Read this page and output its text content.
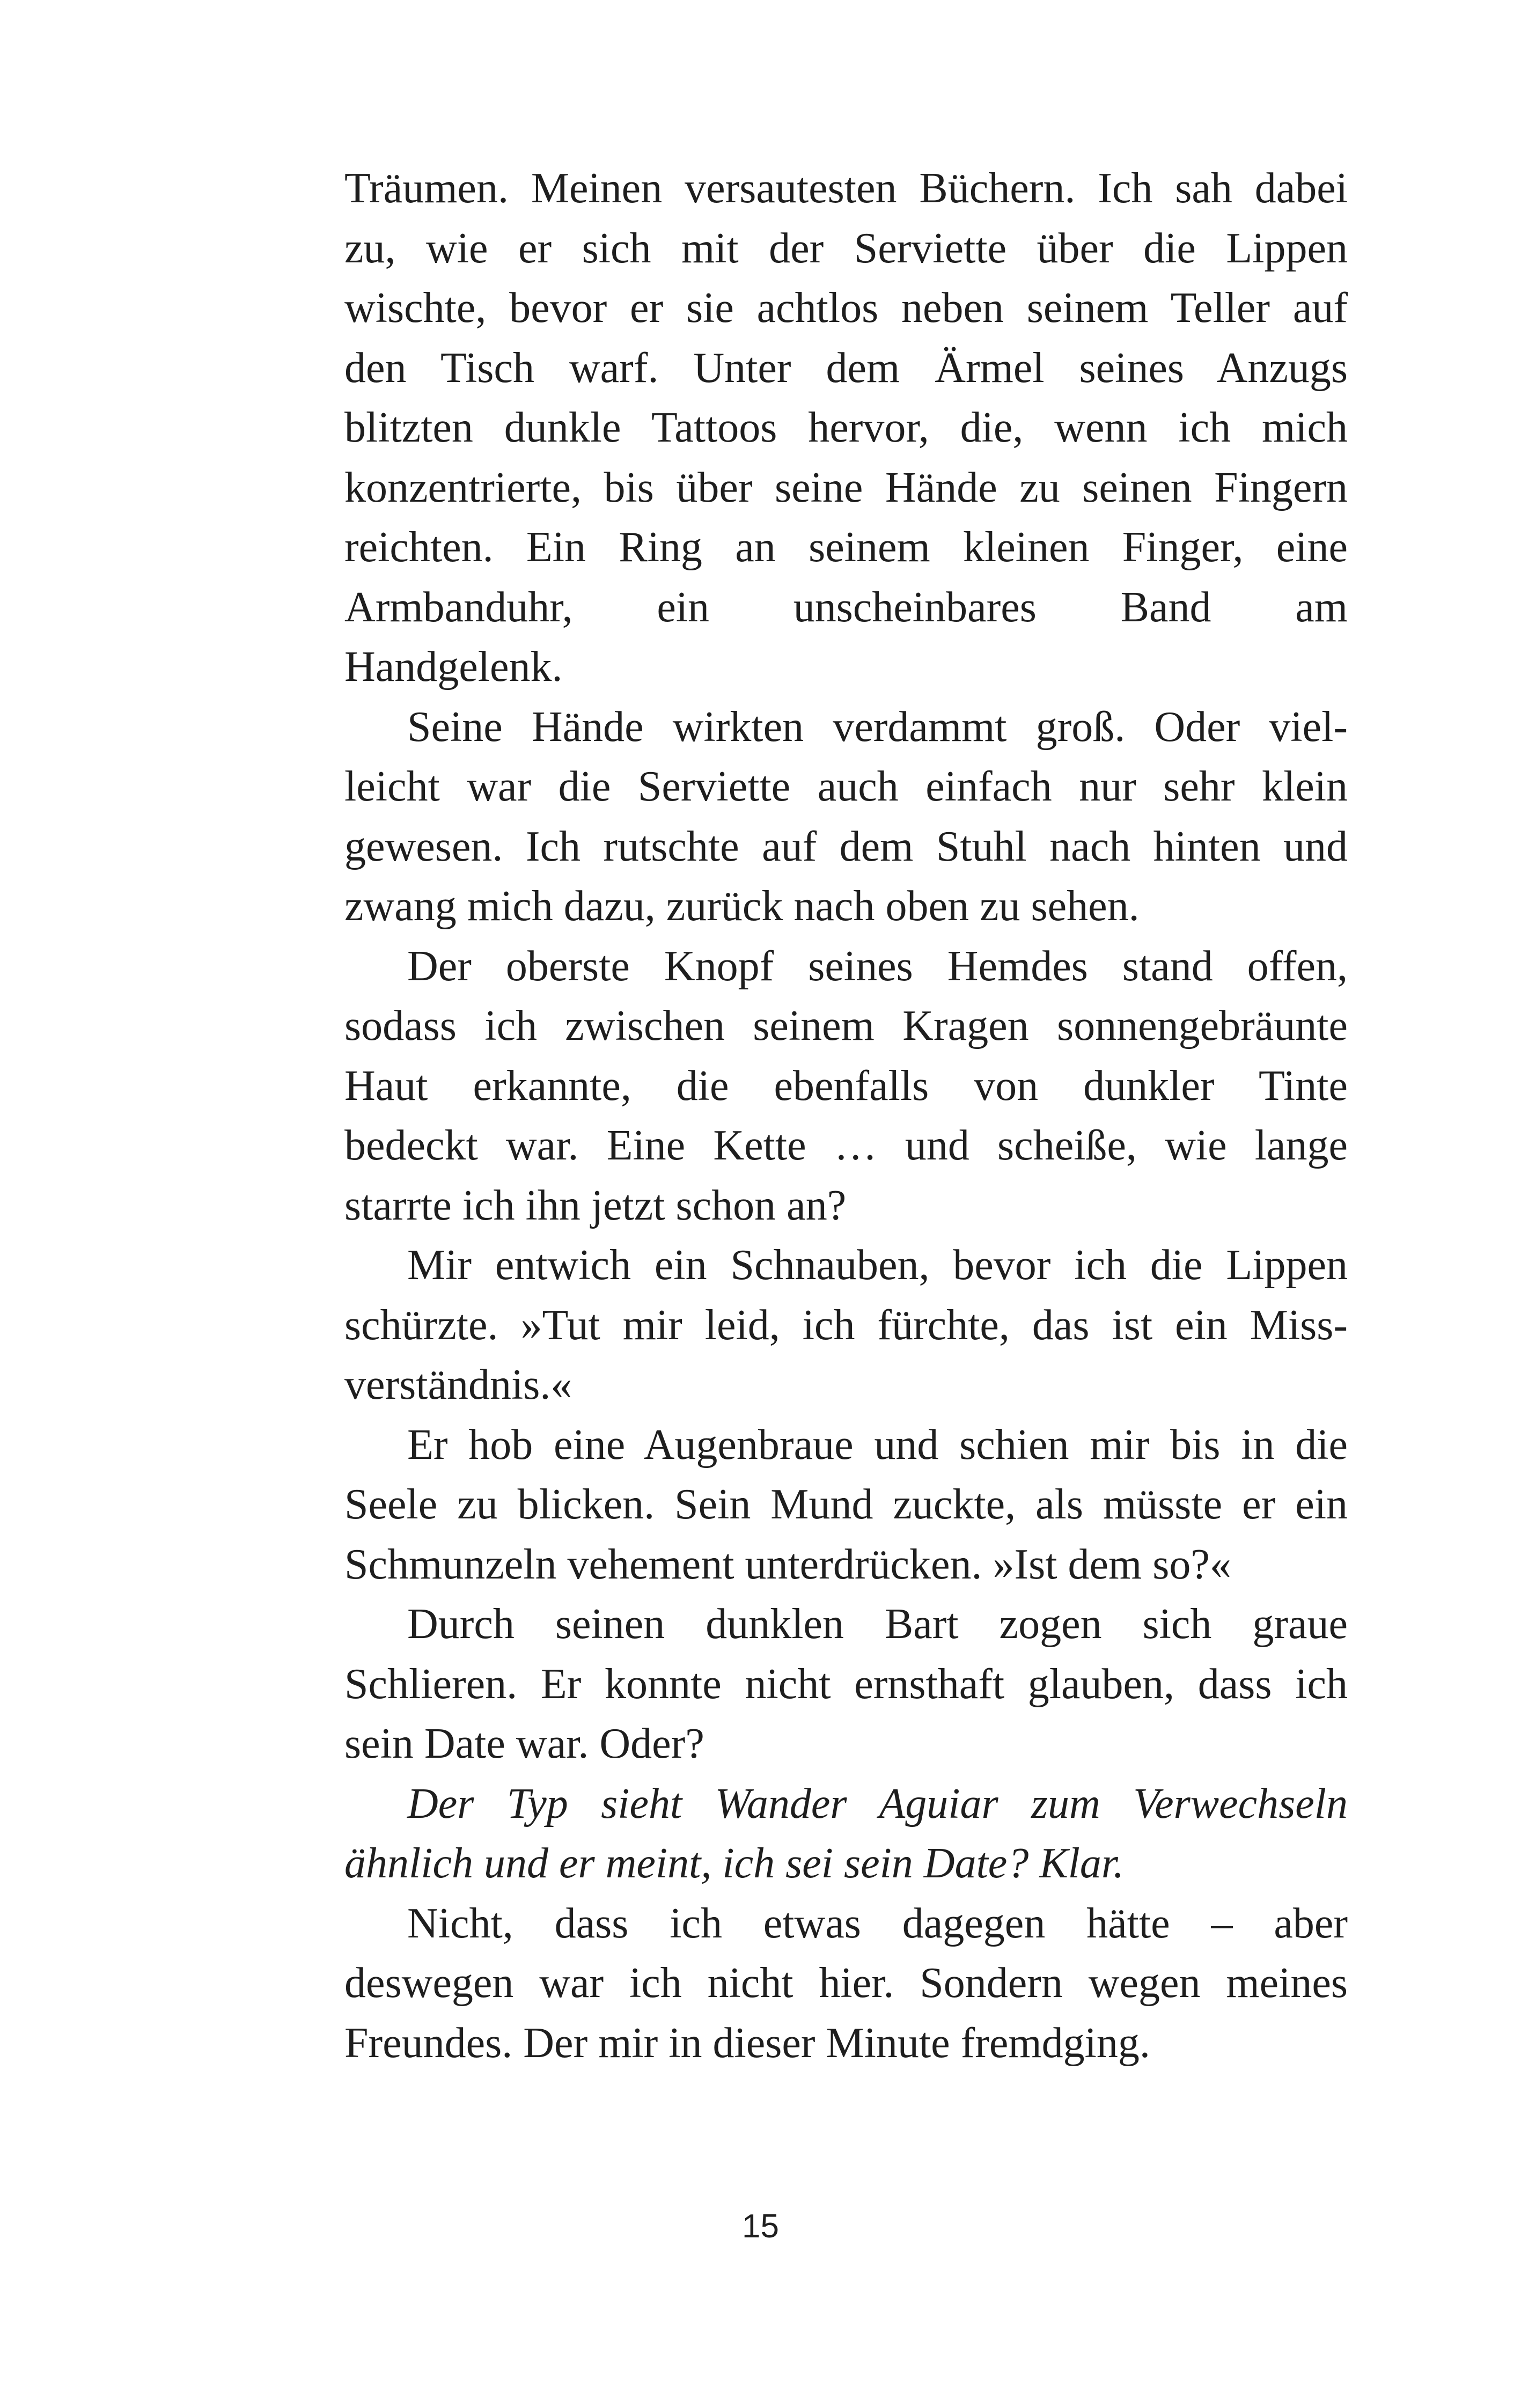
Träumen. Meinen versautesten Büchern. Ich sah dabei
zu, wie er sich mit der Serviette über die Lippen
wischte, bevor er sie achtlos neben seinem Teller auf
den Tisch warf. Unter dem Ärmel seines Anzugs
blitzten dunkle Tattoos hervor, die, wenn ich mich
konzentrierte, bis über seine Hände zu seinen Fingern
reichten. Ein Ring an seinem kleinen Finger, eine
Armbanduhr, ein unscheinbares Band am
Handgelenk.
Seine Hände wirkten verdammt groß. Oder viel-
leicht war die Serviette auch einfach nur sehr klein
gewesen. Ich rutschte auf dem Stuhl nach hinten und
zwang mich dazu, zurück nach oben zu sehen.
Der oberste Knopf seines Hemdes stand offen,
sodass ich zwischen seinem Kragen sonnengebräunte
Haut erkannte, die ebenfalls von dunkler Tinte
bedeckt war. Eine Kette … und scheiße, wie lange
starrte ich ihn jetzt schon an?
Mir entwich ein Schnauben, bevor ich die Lippen
schürzte. »Tut mir leid, ich fürchte, das ist ein Miss-
verständnis.«
Er hob eine Augenbraue und schien mir bis in die
Seele zu blicken. Sein Mund zuckte, als müsste er ein
Schmunzeln vehement unterdrücken. »Ist dem so?«
Durch seinen dunklen Bart zogen sich graue
Schlieren. Er konnte nicht ernsthaft glauben, dass ich
sein Date war. Oder?
Der Typ sieht Wander Aguiar zum Verwechseln
ähnlich und er meint, ich sei sein Date? Klar.
Nicht, dass ich etwas dagegen hätte – aber
deswegen war ich nicht hier. Sondern wegen meines
Freundes. Der mir in dieser Minute fremdging.
15
